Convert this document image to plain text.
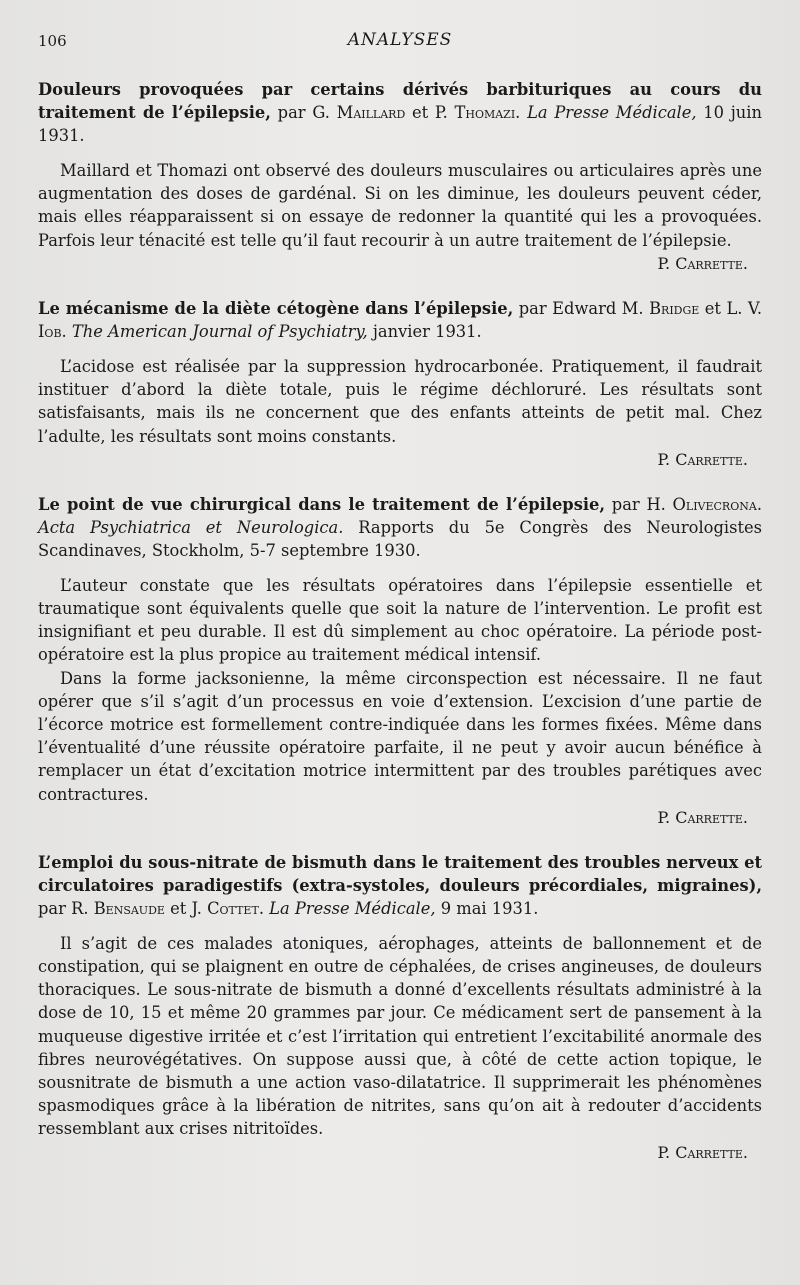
106	ANALYSES
Douleurs provoquées par certains dérivés barbituriques au cours du traitement de l’épilepsie, par G. Maillard et P. Thomazi. La Presse Médicale, 10 juin 1931.

Maillard et Thomazi ont observé des douleurs musculaires ou articulaires après une augmentation des doses de gardénal. Si on les diminue, les douleurs peuvent céder, mais elles réapparaissent si on essaye de redonner la quantité qui les a provoquées. Parfois leur ténacité est telle qu’il faut recourir à un autre traitement de l’épilepsie.
P. Carrette.

Le mécanisme de la diète cétogène dans l’épilepsie, par Edward M. Bridge et L. V. Iob. The American Journal of Psychiatry, janvier 1931.

L’acidose est réalisée par la suppression hydrocarbonée. Pratiquement, il faudrait instituer d’abord la diète totale, puis le régime déchloruré. Les résultats sont satisfaisants, mais ils ne concernent que des enfants atteints de petit mal. Chez l’adulte, les résultats sont moins constants.

P. Carrette.
Le point de vue chirurgical dans le traitement de l’épilepsie, par H. Olivecrona. Acta Psychiatrica et Neurologica. Rapports du 5e Congrès des Neurologistes Scandinaves, Stockholm, 5-7 septembre 1930.

L’auteur constate que les résultats opératoires dans l’épilepsie essentielle et traumatique sont équivalents quelle que soit la nature de l’intervention. Le profit est insignifiant et peu durable. Il est dû simplement au choc opératoire. La période post-opératoire est la plus propice au traitement médical intensif.

Dans la forme jacksonienne, la même circonspection est nécessaire. Il ne faut opérer que s’il s’agit d’un processus en voie d’extension. L’excision d’une partie de l’écorce motrice est formellement contre-indiquée dans les formes fixées. Même dans l’éventualité d’une réussite opératoire parfaite, il ne peut y avoir aucun bénéfice à remplacer un état d’excitation motrice intermittent par des troubles parétiques avec contractures.

P. Carrette.
L’emploi du sous-nitrate de bismuth dans le traitement des troubles nerveux et circulatoires paradigestifs (extra-systoles, douleurs précordiales, migraines), par R. Bensaude et J. Cottet. La Presse Médicale, 9 mai 1931.

Il s’agit de ces malades atoniques, aérophages, atteints de ballonnement et de constipation, qui se plaignent en outre de céphalées, de crises angineuses, de douleurs thoraciques. Le sous-nitrate de bismuth a donné d’excellents résultats administré à la dose de 10, 15 et même 20 grammes par jour. Ce médicament sert de pansement à la muqueuse digestive irritée et c’est l’irritation qui entretient l’excitabilité anormale des fibres neurovégétatives. On suppose aussi que, à côté de cette action topique, le sousnitrate de bismuth a une action vaso-dilatatrice. Il supprimerait les phénomènes spasmodiques grâce à la libération de nitrites, sans qu’on ait à redouter d’accidents ressemblant aux crises nitritoïdes.

P. Carrette.
